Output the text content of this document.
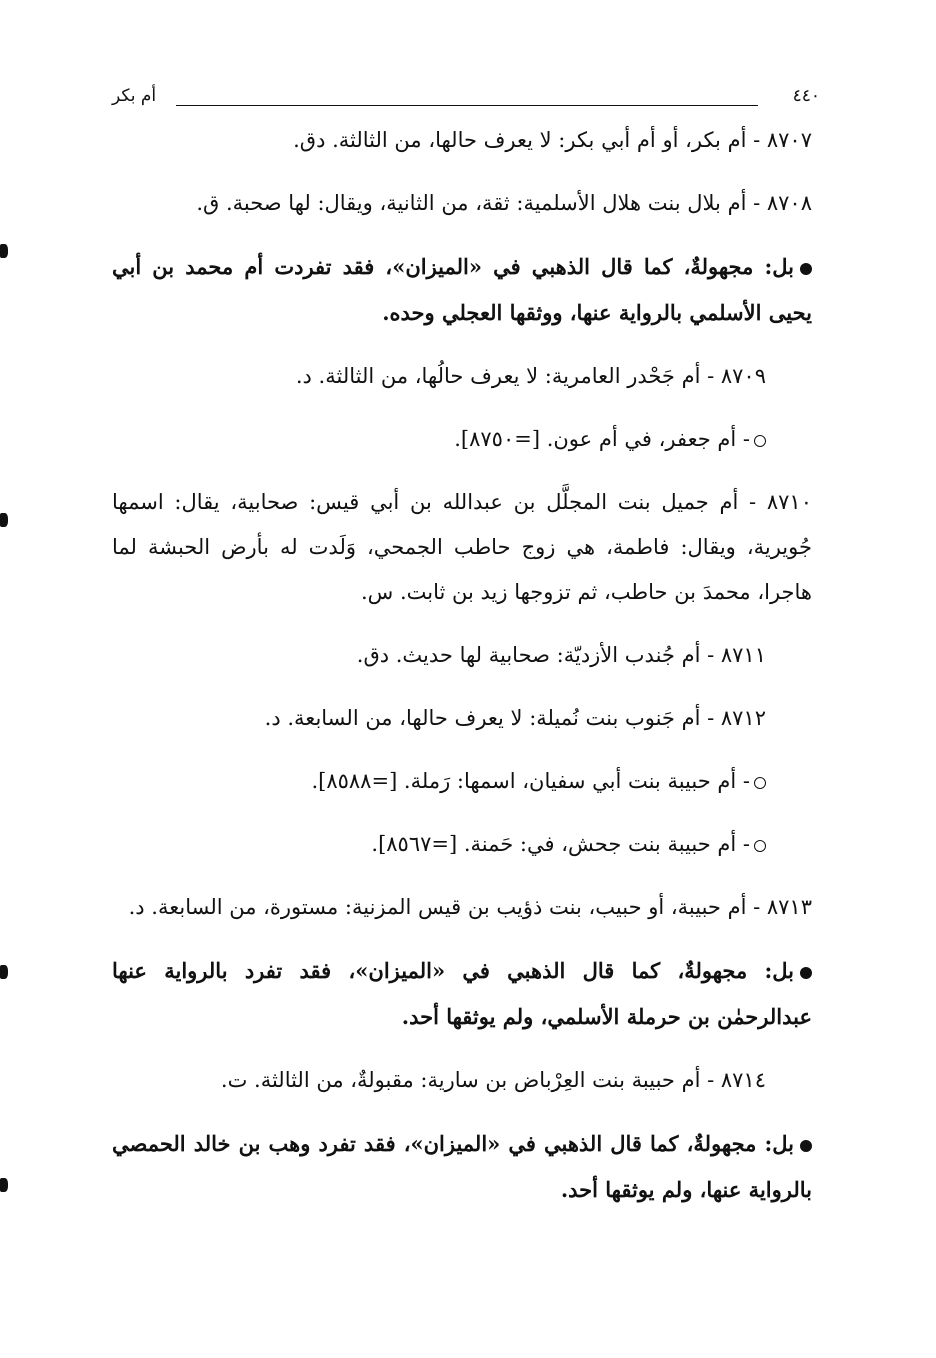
٤٤٠
أم بكر

٨٧٠٧ - أم بكر، أو أم أبي بكر: لا يعرف حالها، من الثالثة. دق.

٨٧٠٨ - أم بلال بنت هلال الأسلمية: ثقة، من الثانية، ويقال: لها صحبة. ق.

بل: مجهولةٌ، كما قال الذهبي في «الميزان»، فقد تفردت أم محمد بن أبي يحيى الأسلمي بالرواية عنها، ووثقها العجلي وحده.

٨٧٠٩ - أم جَحْدر العامرية: لا يعرف حالُها، من الثالثة. د.

- أم جعفر، في أم عون. [=٨٧٥٠].

٨٧١٠ - أم جميل بنت المجلَّل بن عبدالله بن أبي قيس: صحابية، يقال: اسمها جُويرية، ويقال: فاطمة، هي زوج حاطب الجمحي، وَلَدت له بأرض الحبشة لما هاجرا، محمدَ بن حاطب، ثم تزوجها زيد بن ثابت. س.

٨٧١١ - أم جُندب الأزديّة: صحابية لها حديث. دق.

٨٧١٢ - أم جَنوب بنت نُميلة: لا يعرف حالها، من السابعة. د.

- أم حبيبة بنت أبي سفيان، اسمها: رَملة. [=٨٥٨٨].

- أم حبيبة بنت جحش، في: حَمنة. [=٨٥٦٧].

٨٧١٣ - أم حبيبة، أو حبيب، بنت ذؤيب بن قيس المزنية: مستورة، من السابعة. د.

بل: مجهولةٌ، كما قال الذهبي في «الميزان»، فقد تفرد بالرواية عنها عبدالرحمٰن بن حرملة الأسلمي، ولم يوثقها أحد.

٨٧١٤ - أم حبيبة بنت العِرْباض بن سارية: مقبولةٌ، من الثالثة. ت.

بل: مجهولةٌ، كما قال الذهبي في «الميزان»، فقد تفرد وهب بن خالد الحمصي بالرواية عنها، ولم يوثقها أحد.
